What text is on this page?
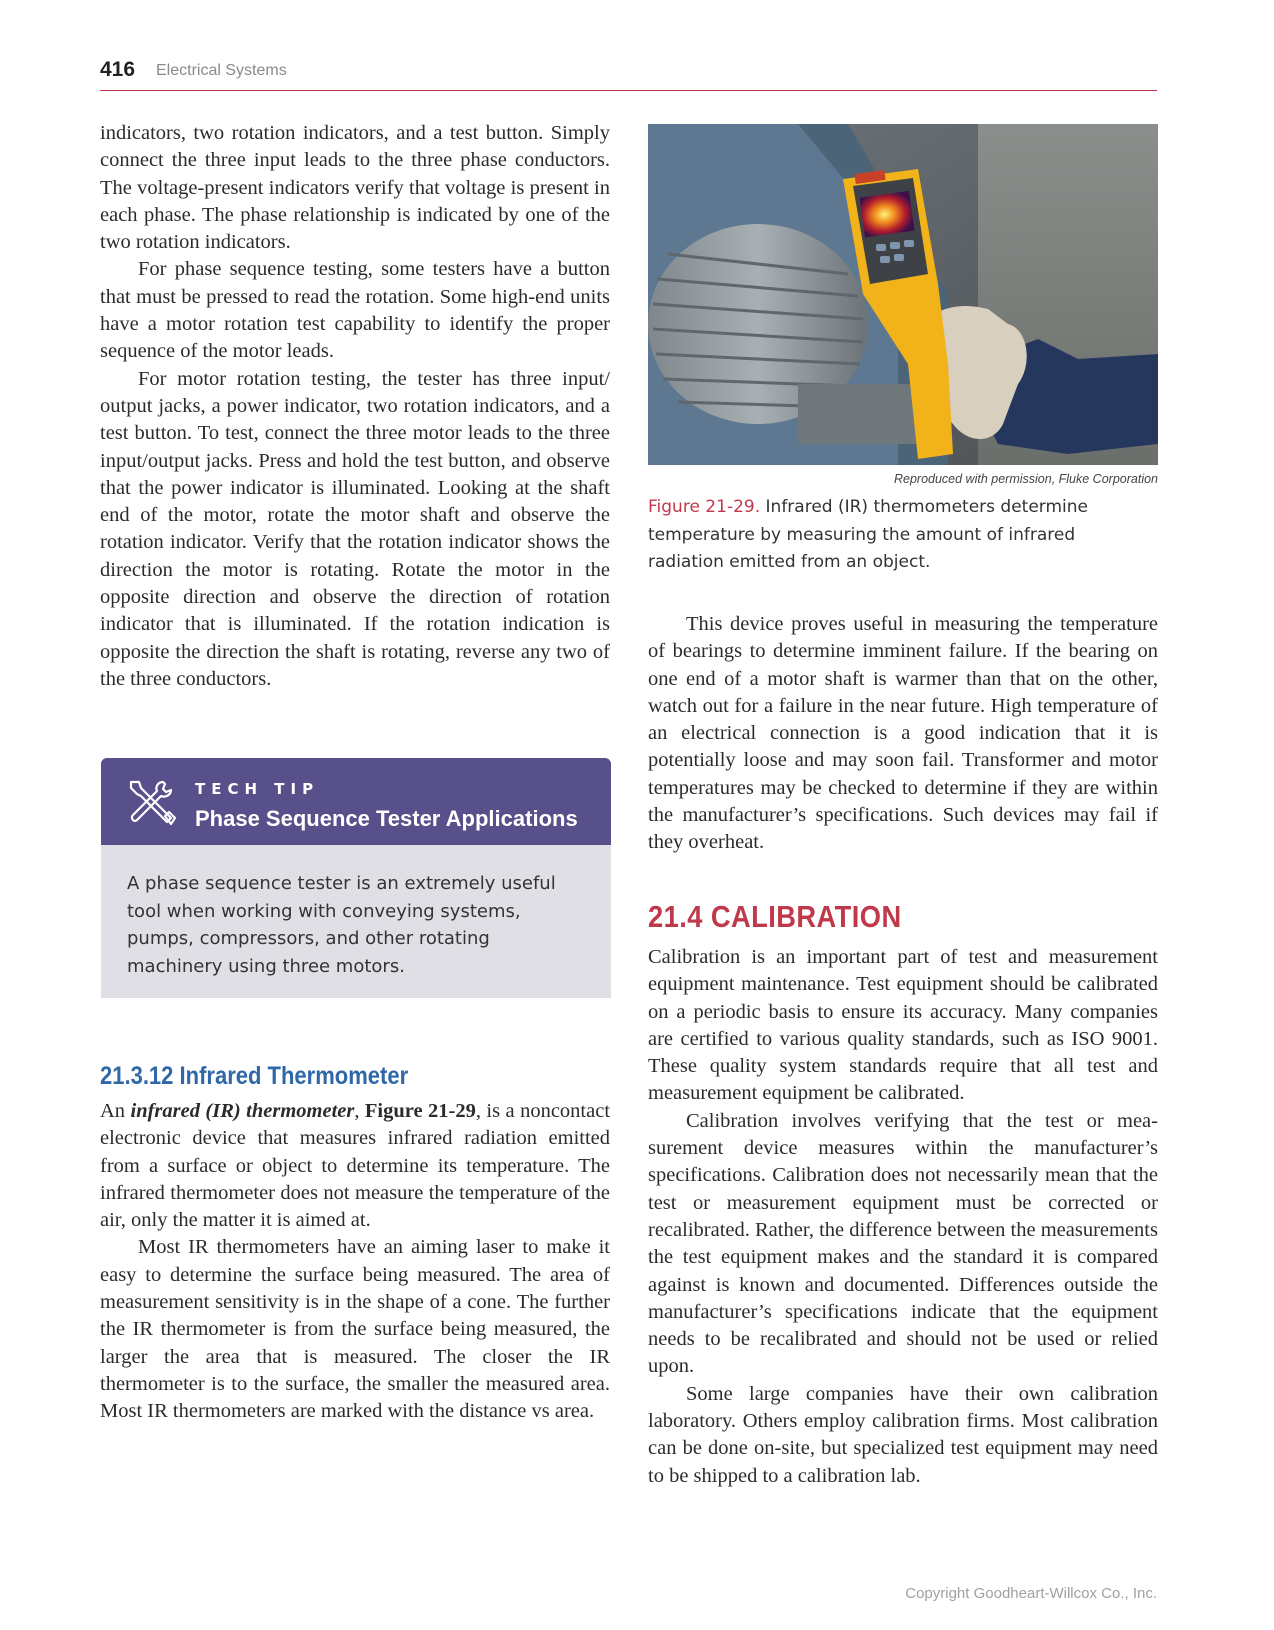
416 Electrical Systems

indicators, two rotation indicators, and a test button. Simply connect the three input leads to the three phase conductors. The voltage-present indicators verify that voltage is present in each phase. The phase relationship is indicated by one of the two rotation indicators.

For phase sequence testing, some testers have a button that must be pressed to read the rotation. Some high-end units have a motor rotation test capability to identify the proper sequence of the motor leads.

For motor rotation testing, the tester has three input/ output jacks, a power indicator, two rotation indicators, and a test button. To test, connect the three motor leads to the three input/output jacks. Press and hold the test button, and observe that the power indicator is illuminated. Looking at the shaft end of the motor, rotate the motor shaft and observe the rotation indicator. Verify that the rotation indicator shows the direction the motor is rotating. Rotate the motor in the opposite direction and observe the direction of rotation indicator that is illuminated. If the rotation indication is opposite the direction the shaft is rotating, reverse any two of the three conductors.

TECH TIP
Phase Sequence Tester Applications
A phase sequence tester is an extremely useful tool when working with conveying systems, pumps, compressors, and other rotating machinery using three motors.
21.3.12 Infrared Thermometer

An infrared (IR) thermometer, Figure 21-29, is a noncontact electronic device that measures infrared radiation emitted from a surface or object to determine its temperature. The infrared thermometer does not measure the temperature of the air, only the matter it is aimed at.

Most IR thermometers have an aiming laser to make it easy to determine the surface being measured. The area of measurement sensitivity is in the shape of a cone. The further the IR thermometer is from the surface being measured, the larger the area that is measured. The closer the IR thermometer is to the surface, the smaller the measured area. Most IR thermometers are marked with the distance vs area.

Reproduced with permission, Fluke Corporation
Figure 21-29. Infrared (IR) thermometers determine temperature by measuring the amount of infrared radiation emitted from an object.

This device proves useful in measuring the temperature of bearings to determine imminent failure. If the bearing on one end of a motor shaft is warmer than that on the other, watch out for a failure in the near future. High temperature of an electrical connection is a good indication that it is potentially loose and may soon fail. Transformer and motor temperatures may be checked to determine if they are within the manufacturer’s specifications. Such devices may fail if they overheat.

21.4 CALIBRATION

Calibration is an important part of test and measurement equipment maintenance. Test equipment should be calibrated on a periodic basis to ensure its accuracy. Many companies are certified to various quality standards, such as ISO 9001. These quality system standards require that all test and measurement equipment be calibrated.

Calibration involves verifying that the test or measurement device measures within the manufacturer’s specifications. Calibration does not necessarily mean that the test or measurement equipment must be corrected or recalibrated. Rather, the difference between the measurements the test equipment makes and the standard it is compared against is known and documented. Differences outside the manufacturer’s specifications indicate that the equipment needs to be recalibrated and should not be used or relied upon.

Some large companies have their own calibration laboratory. Others employ calibration firms. Most calibration can be done on-site, but specialized test equipment may need to be shipped to a calibration lab.

Copyright Goodheart-Willcox Co., Inc.
